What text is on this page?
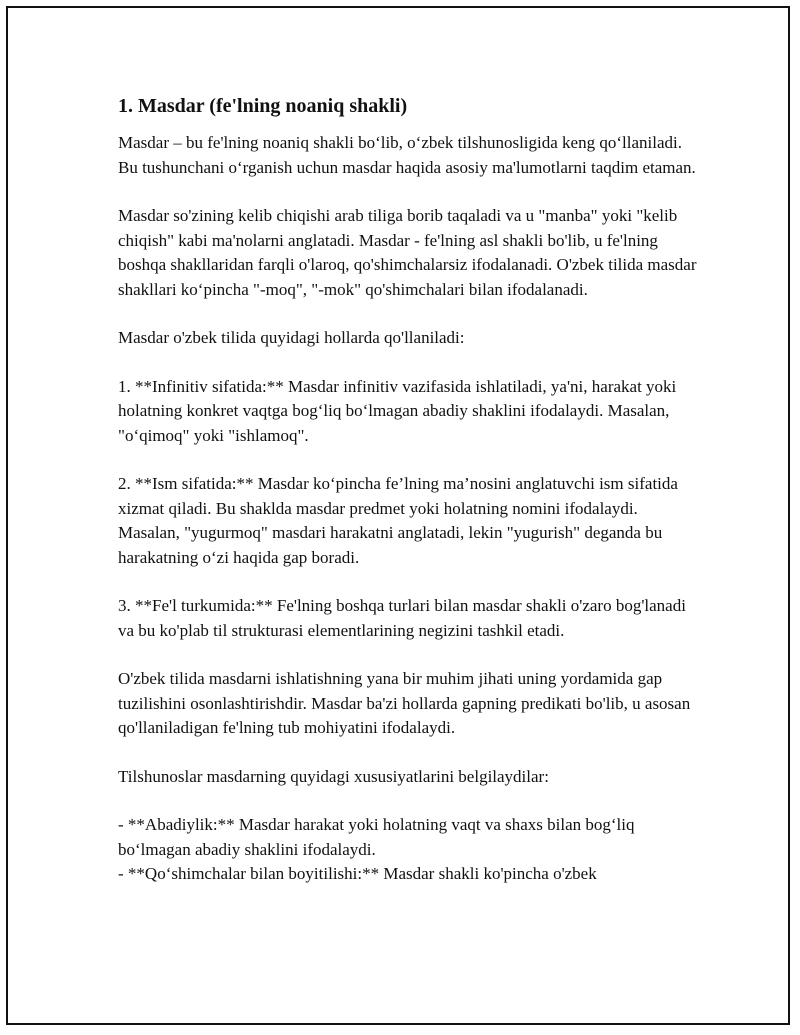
1. Masdar (fe'lning noaniq shakli)

Masdar – bu fe'lning noaniq shakli bo‘lib, o‘zbek tilshunosligida keng qo‘llaniladi. Bu tushunchani o‘rganish uchun masdar haqida asosiy ma'lumotlarni taqdim etaman.

Masdar so'zining kelib chiqishi arab tiliga borib taqaladi va u "manba" yoki "kelib chiqish" kabi ma'nolarni anglatadi. Masdar - fe'lning asl shakli bo'lib, u fe'lning boshqa shakllaridan farqli o'laroq, qo'shimchalarsiz ifodalanadi. O'zbek tilida masdar shakllari ko‘pincha "-moq", "-mok" qo'shimchalari bilan ifodalanadi.

Masdar o'zbek tilida quyidagi hollarda qo'llaniladi:

1. **Infinitiv sifatida:** Masdar infinitiv vazifasida ishlatiladi, ya'ni, harakat yoki holatning konkret vaqtga bog‘liq bo‘lmagan abadiy shaklini ifodalaydi. Masalan, "o‘qimoq" yoki "ishlamoq".

2. **Ism sifatida:** Masdar ko‘pincha fe’lning ma’nosini anglatuvchi ism sifatida xizmat qiladi. Bu shaklda masdar predmet yoki holatning nomini ifodalaydi. Masalan, "yugurmoq" masdari harakatni anglatadi, lekin "yugurish" deganda bu harakatning o‘zi haqida gap boradi.

3. **Fe'l turkumida:** Fe'lning boshqa turlari bilan masdar shakli o'zaro bog'lanadi va bu ko'plab til strukturasi elementlarining negizini tashkil etadi.

O'zbek tilida masdarni ishlatishning yana bir muhim jihati uning yordamida gap tuzilishini osonlashtirishdir. Masdar ba'zi hollarda gapning predikati bo'lib, u asosan qo'llaniladigan fe'lning tub mohiyatini ifodalaydi.

Tilshunoslar masdarning quyidagi xususiyatlarini belgilaydilar:

- **Abadiylik:** Masdar harakat yoki holatning vaqt va shaxs bilan bog‘liq bo‘lmagan abadiy shaklini ifodalaydi.

- **Qo‘shimchalar bilan boyitilishi:** Masdar shakli ko'pincha o'zbek
